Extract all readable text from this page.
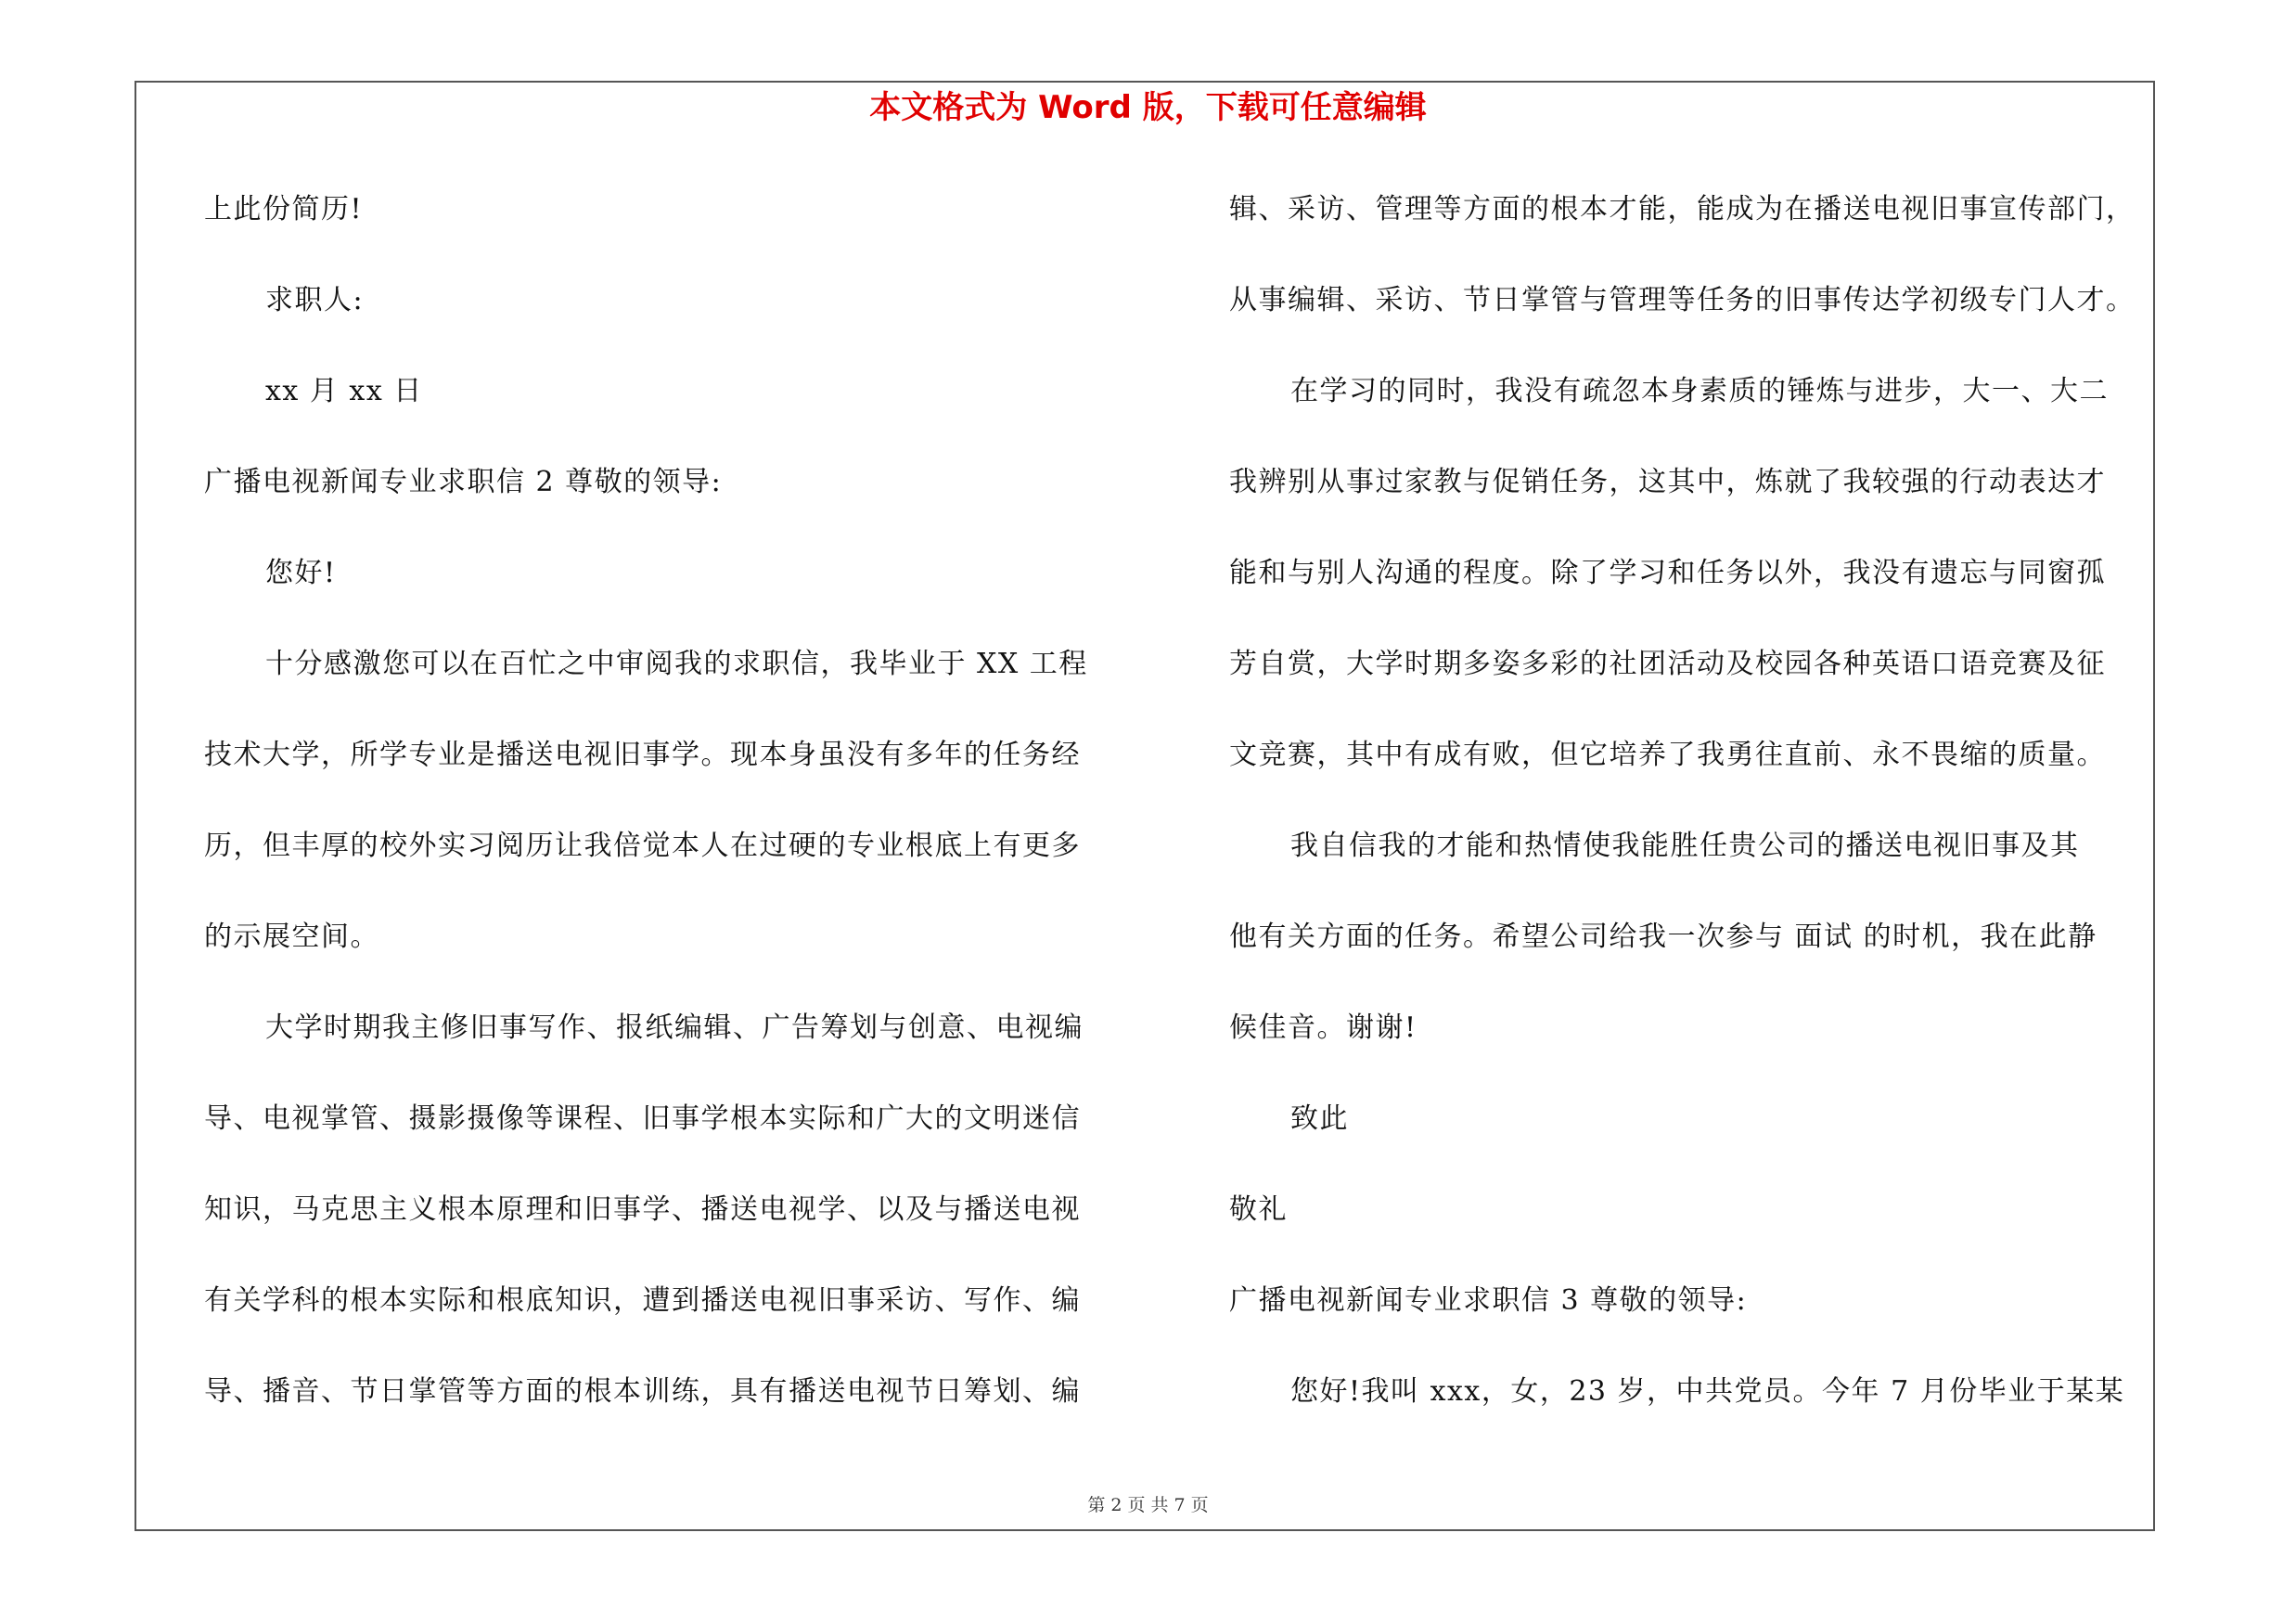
本文格式为 Word 版，下载可任意编辑
上此份简历!
求职人:
xx 月 xx 日
广播电视新闻专业求职信 2 尊敬的领导:
您好!
十分感激您可以在百忙之中审阅我的求职信，我毕业于 XX 工程
技术大学，所学专业是播送电视旧事学。现本身虽没有多年的任务经
历，但丰厚的校外实习阅历让我倍觉本人在过硬的专业根底上有更多
的示展空间。
大学时期我主修旧事写作、报纸编辑、广告筹划与创意、电视编
导、电视掌管、摄影摄像等课程、旧事学根本实际和广大的文明迷信
知识，马克思主义根本原理和旧事学、播送电视学、以及与播送电视
有关学科的根本实际和根底知识，遭到播送电视旧事采访、写作、编
导、播音、节日掌管等方面的根本训练，具有播送电视节日筹划、编
辑、采访、管理等方面的根本才能，能成为在播送电视旧事宣传部门，
从事编辑、采访、节日掌管与管理等任务的旧事传达学初级专门人才。
在学习的同时，我没有疏忽本身素质的锤炼与进步，大一、大二
我辨别从事过家教与促销任务，这其中，炼就了我较强的行动表达才
能和与别人沟通的程度。除了学习和任务以外，我没有遗忘与同窗孤
芳自赏，大学时期多姿多彩的社团活动及校园各种英语口语竞赛及征
文竞赛，其中有成有败，但它培养了我勇往直前、永不畏缩的质量。
我自信我的才能和热情使我能胜任贵公司的播送电视旧事及其
他有关方面的任务。希望公司给我一次参与 面试 的时机，我在此静
候佳音。谢谢!
致此
敬礼
广播电视新闻专业求职信 3 尊敬的领导:
您好!我叫 xxx，女，23 岁，中共党员。今年 7 月份毕业于某某
第 2 页 共 7 页
